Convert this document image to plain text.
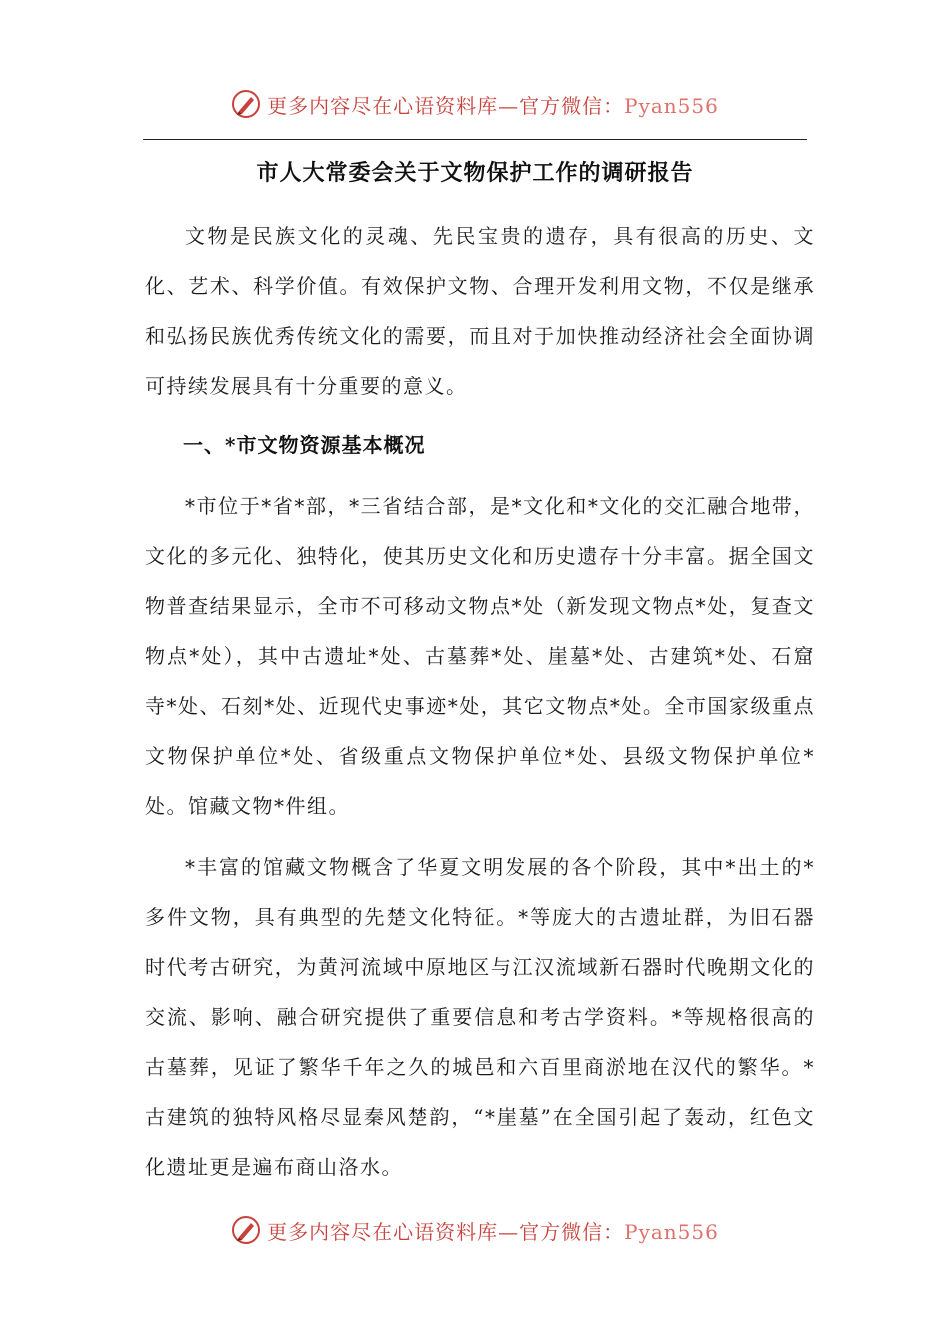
更多内容尽在心语资料库—官方微信：Pyan556
市人大常委会关于文物保护工作的调研报告

文物是民族文化的灵魂、先民宝贵的遗存，具有很高的历史、文化、艺术、科学价值。有效保护文物、合理开发利用文物，不仅是继承和弘扬民族优秀传统文化的需要，而且对于加快推动经济社会全面协调可持续发展具有十分重要的意义。

一、*市文物资源基本概况

*市位于*省*部，*三省结合部，是*文化和*文化的交汇融合地带，文化的多元化、独特化，使其历史文化和历史遗存十分丰富。据全国文物普查结果显示，全市不可移动文物点*处（新发现文物点*处，复查文物点*处），其中古遗址*处、古墓葬*处、崖墓*处、古建筑*处、石窟寺*处、石刻*处、近现代史事迹*处，其它文物点*处。全市国家级重点文物保护单位*处、省级重点文物保护单位*处、县级文物保护单位*处。馆藏文物*件组。

*丰富的馆藏文物概含了华夏文明发展的各个阶段，其中*出土的*多件文物，具有典型的先楚文化特征。*等庞大的古遗址群，为旧石器时代考古研究，为黄河流域中原地区与江汉流域新石器时代晚期文化的交流、影响、融合研究提供了重要信息和考古学资料。*等规格很高的古墓葬，见证了繁华千年之久的城邑和六百里商淤地在汉代的繁华。*古建筑的独特风格尽显秦风楚韵，“*崖墓”在全国引起了轰动，红色文化遗址更是遍布商山洛水。

更多内容尽在心语资料库—官方微信：Pyan556
